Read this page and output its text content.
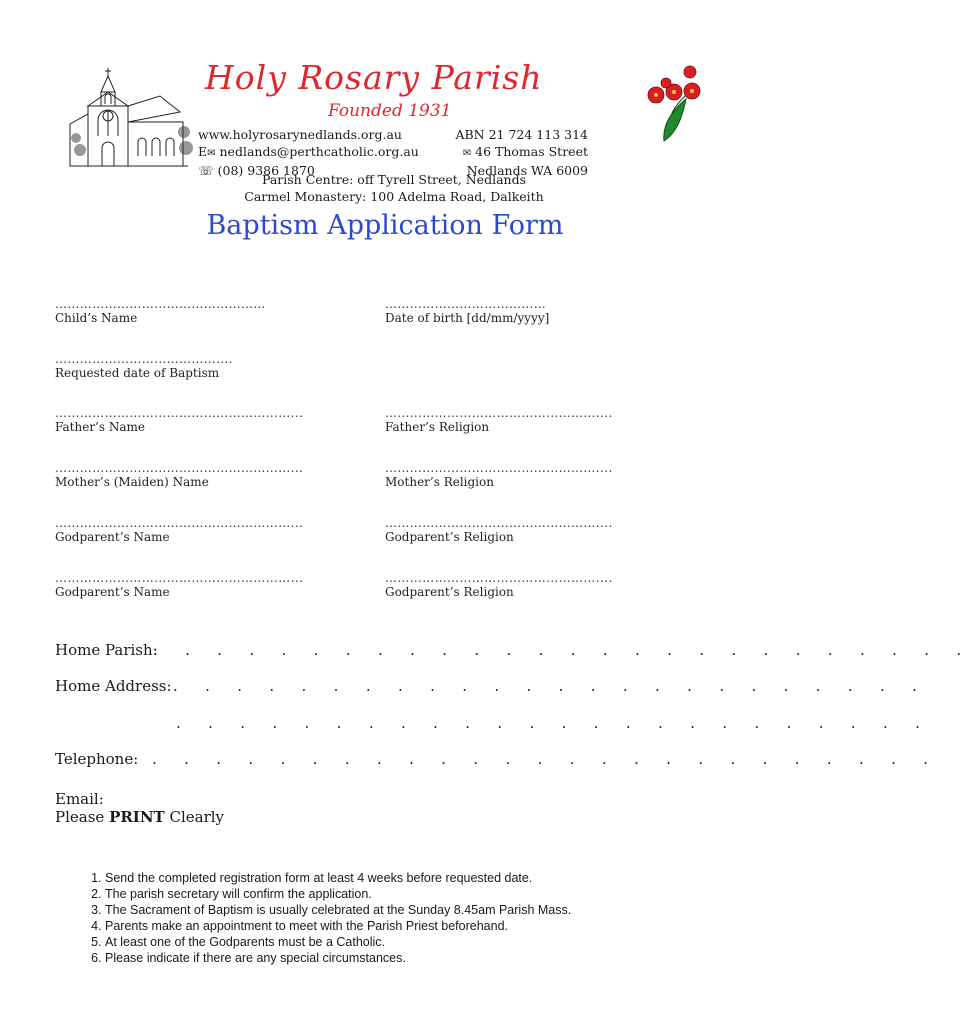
Holy Rosary Parish
Founded 1931
www.holyrosarynedlands.org.au
E✉ nedlands@perthcatholic.org.au
☏ (08) 9386 1870
ABN 21 724 113 314
✉ 46 Thomas Street
Nedlands WA 6009
Parish Centre: off Tyrell Street, Nedlands
Carmel Monastery: 100 Adelma Road, Dalkeith
Baptism Application Form
……………………………………………
Child’s Name
…………………………………
Date of birth [dd/mm/yyyy]
…………………………………….
Requested date of Baptism
…………………………………………………...
Father’s Name
……………………………………………....
Father’s Religion
…………………………………………………...
Mother’s (Maiden) Name
……………………………………………....
Mother’s Religion
…………………………………………………...
Godparent’s Name
……………………………………………....
Godparent’s Religion
…………………………………………………...
Godparent’s Name
……………………………………………....
Godparent’s Religion
Home Parish:
. . . . . . . . . . . . . . . . . . . . . . . . . .
Home Address: . . . . . . . . . . . . . . . . . . . . . . . .
. . . . . . . . . . . . . . . . . . . . . . . .
Telephone: . . . . . . . . . . . . . . . . . . . . . . . . .
Email:
Please PRINT Clearly
1. Send the completed registration form at least 4 weeks before requested date.
2. The parish secretary will confirm the application.
3. The Sacrament of Baptism is usually celebrated at the Sunday 8.45am Parish Mass.
4. Parents make an appointment to meet with the Parish Priest beforehand.
5. At least one of the Godparents must be a Catholic.
6. Please indicate if there are any special circumstances.
